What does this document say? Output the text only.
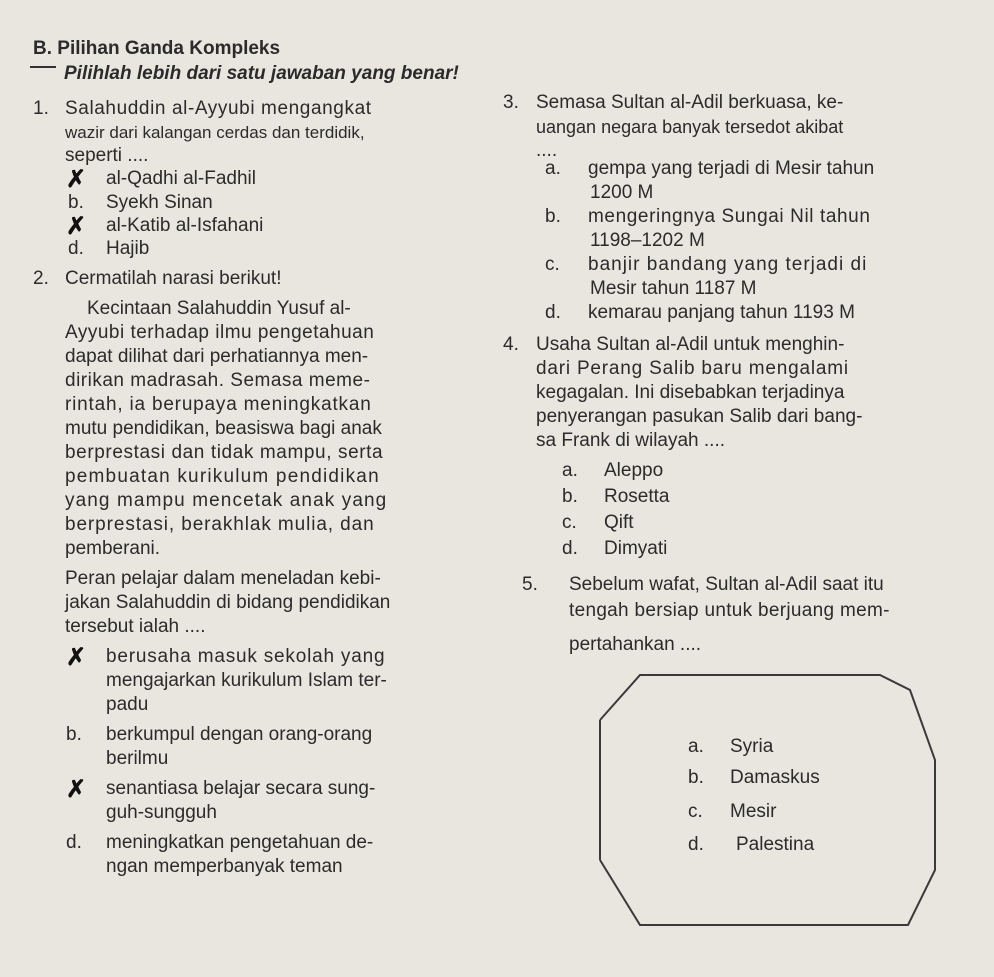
B. Pilihan Ganda Kompleks
Pilihlah lebih dari satu jawaban yang benar!
1. Salahuddin al-Ayyubi mengangkat
wazir dari kalangan cerdas dan terdidik,
seperti ....
✗ al-Qadhi al-Fadhil
b. Syekh Sinan
✗ al-Katib al-Isfahani
d. Hajib
2. Cermatilah narasi berikut!
Kecintaan Salahuddin Yusuf al-
Ayyubi terhadap ilmu pengetahuan
dapat dilihat dari perhatiannya men-
dirikan madrasah. Semasa meme-
rintah, ia berupaya meningkatkan
mutu pendidikan, beasiswa bagi anak
berprestasi dan tidak mampu, serta
pembuatan kurikulum pendidikan
yang mampu mencetak anak yang
berprestasi, berakhlak mulia, dan
pemberani.
Peran pelajar dalam meneladan kebi-
jakan Salahuddin di bidang pendidikan
tersebut ialah ....
✗ berusaha masuk sekolah yang
mengajarkan kurikulum Islam ter-
padu
b. berkumpul dengan orang-orang
berilmu
✗ senantiasa belajar secara sung-
guh-sungguh
d. meningkatkan pengetahuan de-
ngan memperbanyak teman
3. Semasa Sultan al-Adil berkuasa, ke-
uangan negara banyak tersedot akibat
....
a. gempa yang terjadi di Mesir tahun
1200 M
b. mengeringnya Sungai Nil tahun
1198–1202 M
c. banjir bandang yang terjadi di
Mesir tahun 1187 M
d. kemarau panjang tahun 1193 M
4. Usaha Sultan al-Adil untuk menghin-
dari Perang Salib baru mengalami
kegagalan. Ini disebabkan terjadinya
penyerangan pasukan Salib dari bang-
sa Frank di wilayah ....
a. Aleppo
b. Rosetta
c. Qift
d. Dimyati
5. Sebelum wafat, Sultan al-Adil saat itu
tengah bersiap untuk berjuang mem-
pertahankan ....
a. Syria
b. Damaskus
c. Mesir
d. Palestina
